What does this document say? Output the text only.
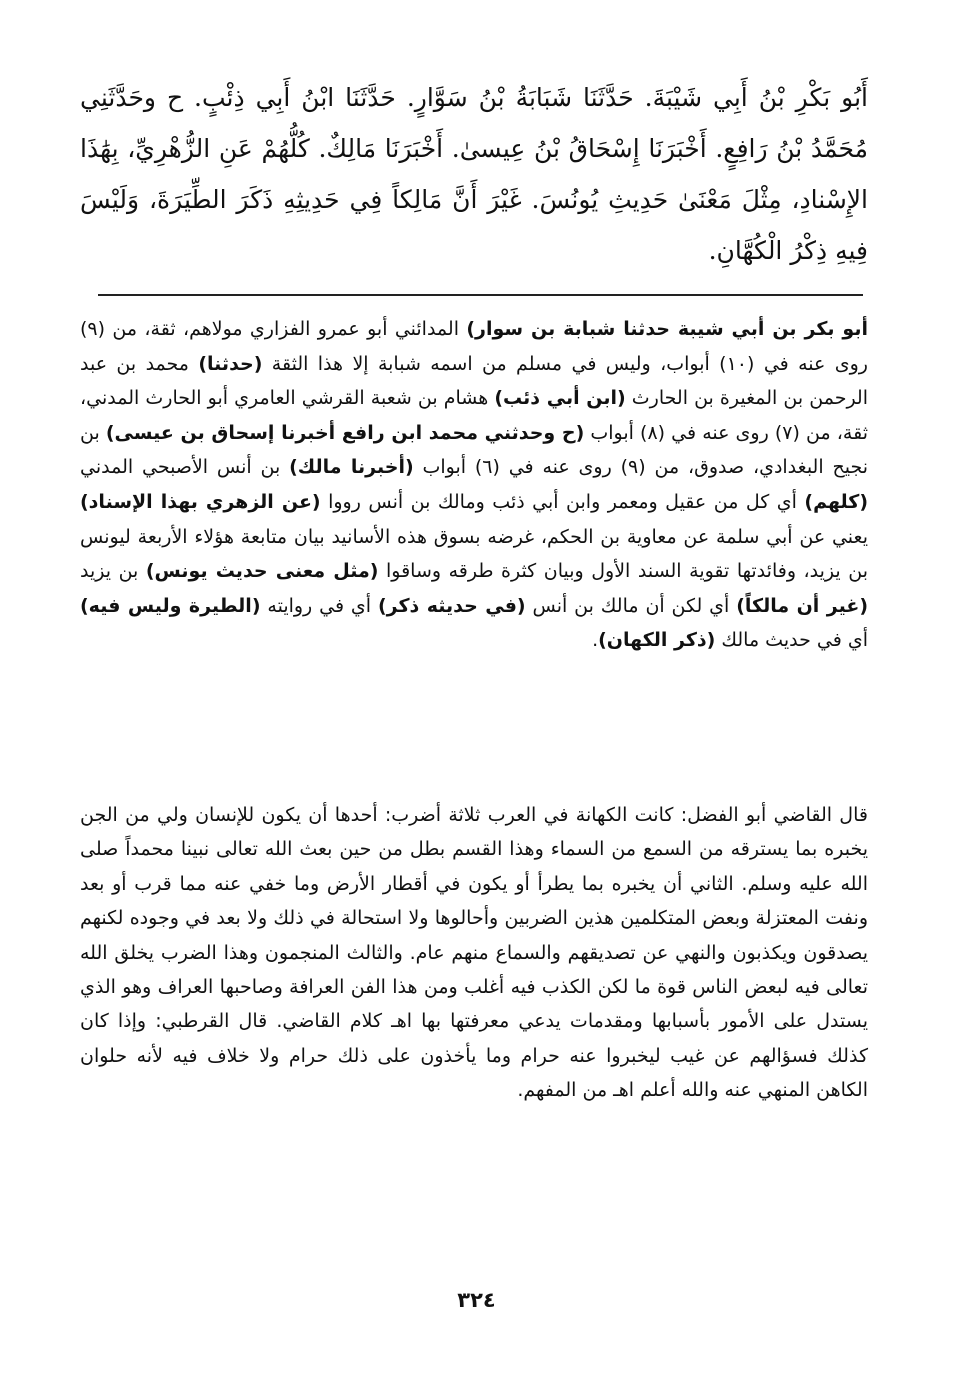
أَبُو بَكْرِ بْنُ أَبِي شَيْبَةَ. حَدَّثَنَا شَبَابَةُ بْنُ سَوَّارٍ. حَدَّثَنَا ابْنُ أَبِي ذِئْبٍ. ح وحَدَّثَنِي مُحَمَّدُ بْنُ رَافِعٍ. أَخْبَرَنَا إِسْحَاقُ بْنُ عِيسىٰ. أَخْبَرَنَا مَالِكٌ. كُلُّهُمْ عَنِ الزُّهْرِيِّ، بِهَٰذَا الإِسْنادِ، مِثْلَ مَعْنَىٰ حَدِيثِ يُونُسَ. غَيْرَ أَنَّ مَالِكاً فِي حَدِيثِهِ ذَكَرَ الطِّيَرَةَ، وَلَيْسَ فِيهِ ذِكْرُ الْكُهَّانِ.

أبو بكر بن أبي شيبة حدثنا شبابة بن سوار) المدائني أبو عمرو الفزاري مولاهم، ثقة، من (٩) روى عنه في (١٠) أبواب، وليس في مسلم من اسمه شبابة إلا هذا الثقة (حدثنا) محمد بن عبد الرحمن بن المغيرة بن الحارث (ابن أبي ذئب) هشام بن شعبة القرشي العامري أبو الحارث المدني، ثقة، من (٧) روى عنه في (٨) أبواب (ح وحدثني محمد ابن رافع أخبرنا إسحاق بن عيسى) بن نجيح البغدادي، صدوق، من (٩) روى عنه في (٦) أبواب (أخبرنا مالك) بن أنس الأصبحي المدني (كلهم) أي كل من عقيل ومعمر وابن أبي ذئب ومالك بن أنس رووا (عن الزهري بهذا الإسناد) يعني عن أبي سلمة عن معاوية بن الحكم، غرضه بسوق هذه الأسانيد بيان متابعة هؤلاء الأربعة ليونس بن يزيد، وفائدتها تقوية السند الأول وبيان كثرة طرقه وساقوا (مثل معنى حديث يونس) بن يزيد (غير أن مالكاً) أي لكن أن مالك بن أنس (في حديثه ذكر) أي في روايته (الطيرة وليس فيه) أي في حديث مالك (ذكر الكهان).

قال القاضي أبو الفضل: كانت الكهانة في العرب ثلاثة أضرب: أحدها أن يكون للإنسان ولي من الجن يخبره بما يسترقه من السمع من السماء وهذا القسم بطل من حين بعث الله تعالى نبينا محمداً صلى الله عليه وسلم. الثاني أن يخبره بما يطرأ أو يكون في أقطار الأرض وما خفي عنه مما قرب أو بعد ونفت المعتزلة وبعض المتكلمين هذين الضربين وأحالوها ولا استحالة في ذلك ولا بعد في وجوده لكنهم يصدقون ويكذبون والنهي عن تصديقهم والسماع منهم عام. والثالث المنجمون وهذا الضرب يخلق الله تعالى فيه لبعض الناس قوة ما لكن الكذب فيه أغلب ومن هذا الفن العرافة وصاحبها العراف وهو الذي يستدل على الأمور بأسبابها ومقدمات يدعي معرفتها بها اهـ كلام القاضي. قال القرطبي: وإذا كان كذلك فسؤالهم عن غيب ليخبروا عنه حرام وما يأخذون على ذلك حرام ولا خلاف فيه لأنه حلوان الكاهن المنهي عنه والله أعلم اهـ من المفهم.

٣٢٤
